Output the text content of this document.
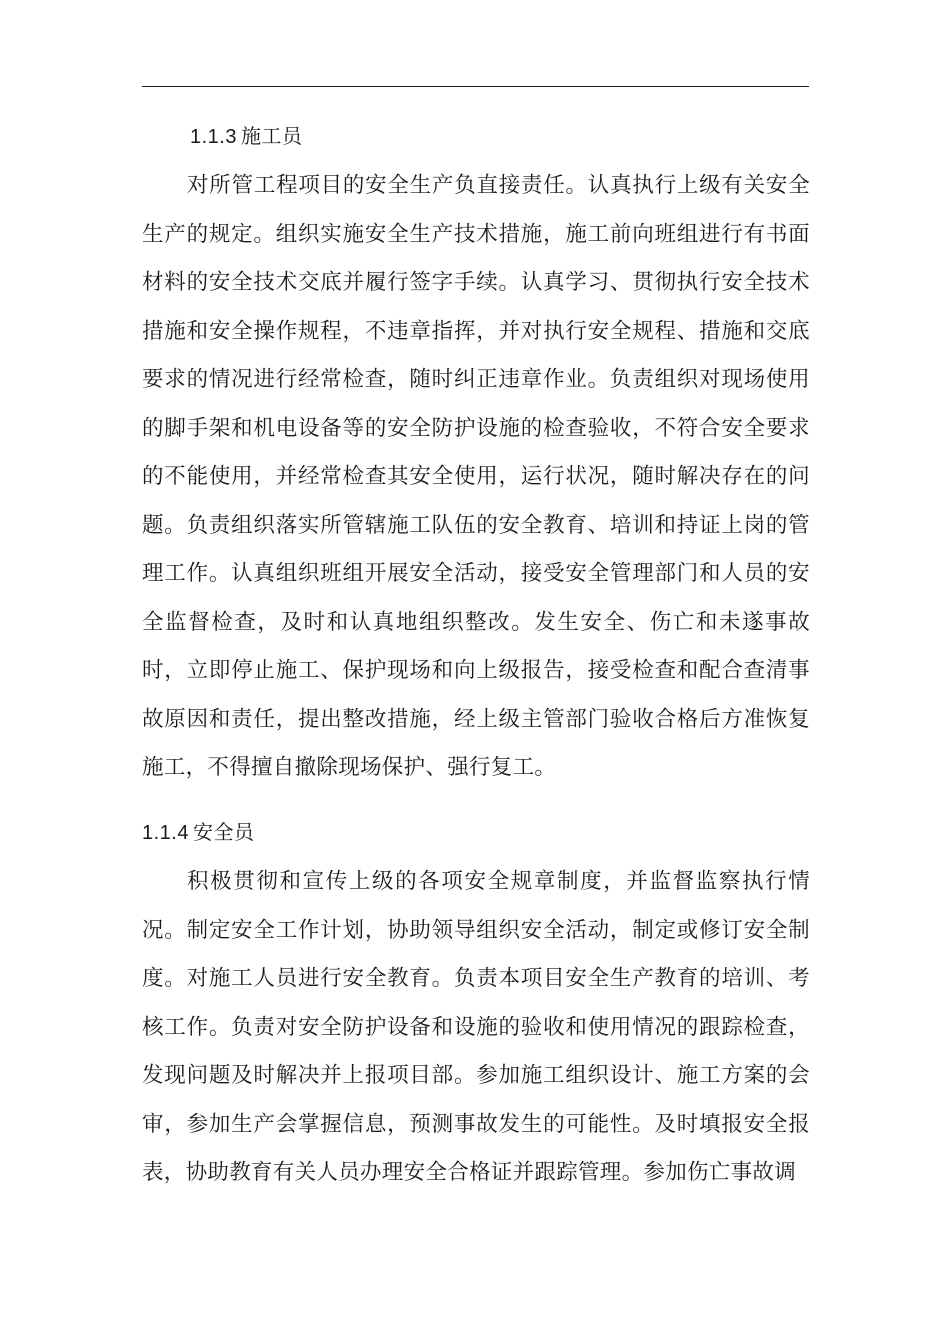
1.1.3 施工员

对所管工程项目的安全生产负直接责任。认真执行上级有关安全生产的规定。组织实施安全生产技术措施，施工前向班组进行有书面材料的安全技术交底并履行签字手续。认真学习、贯彻执行安全技术措施和安全操作规程，不违章指挥，并对执行安全规程、措施和交底要求的情况进行经常检查，随时纠正违章作业。负责组织对现场使用的脚手架和机电设备等的安全防护设施的检查验收，不符合安全要求的不能使用，并经常检查其安全使用，运行状况，随时解决存在的问题。负责组织落实所管辖施工队伍的安全教育、培训和持证上岗的管理工作。认真组织班组开展安全活动，接受安全管理部门和人员的安全监督检查，及时和认真地组织整改。发生安全、伤亡和未遂事故时，立即停止施工、保护现场和向上级报告，接受检查和配合查清事故原因和责任，提出整改措施，经上级主管部门验收合格后方准恢复施工，不得擅自撤除现场保护、强行复工。

1.1.4 安全员

积极贯彻和宣传上级的各项安全规章制度，并监督监察执行情况。制定安全工作计划，协助领导组织安全活动，制定或修订安全制度。对施工人员进行安全教育。负责本项目安全生产教育的培训、考核工作。负责对安全防护设备和设施的验收和使用情况的跟踪检查，发现问题及时解决并上报项目部。参加施工组织设计、施工方案的会审，参加生产会掌握信息，预测事故发生的可能性。及时填报安全报表，协助教育有关人员办理安全合格证并跟踪管理。参加伤亡事故调
